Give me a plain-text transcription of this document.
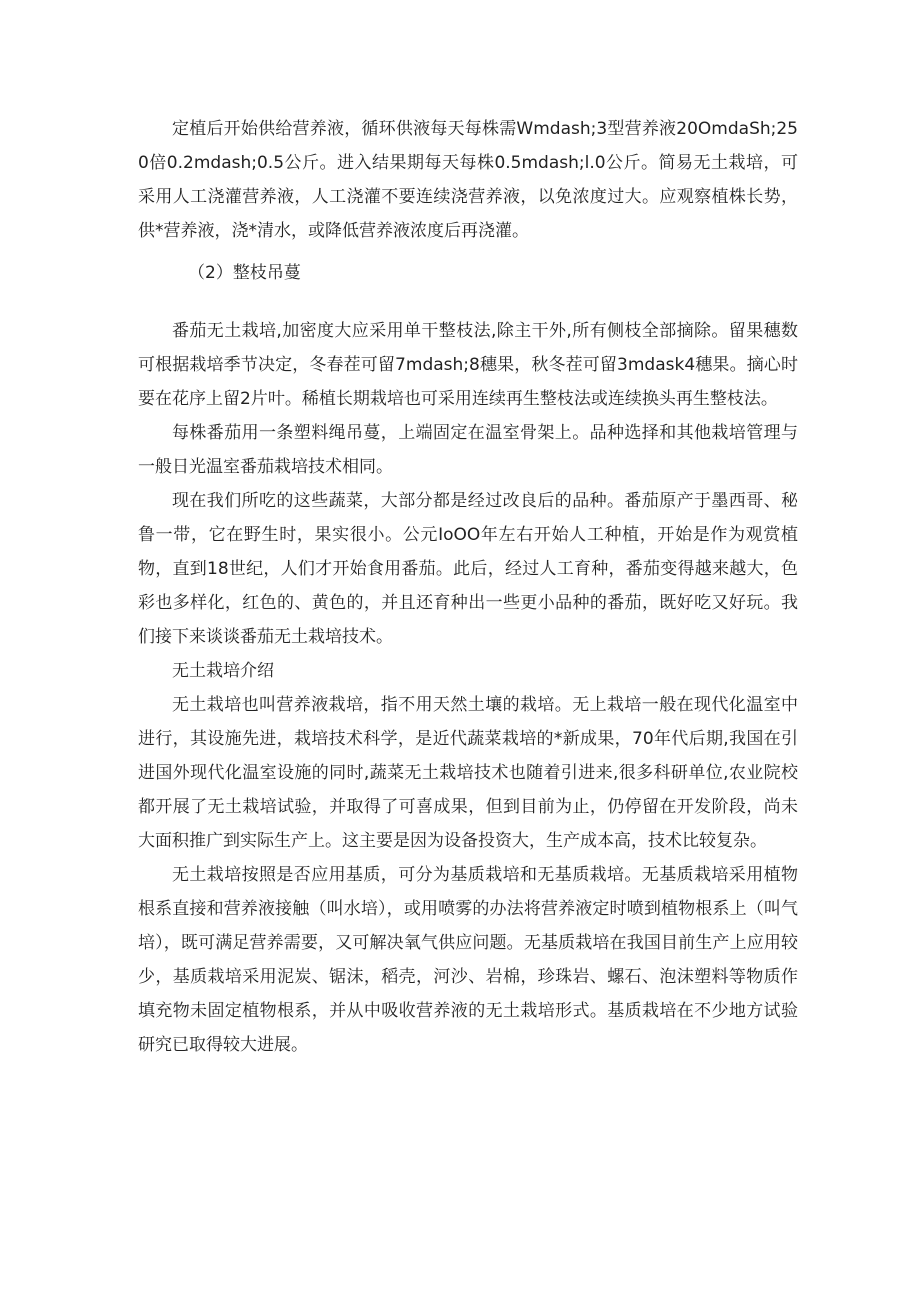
定植后开始供给营养液，循环供液每天每株需Wmdash;3型营养液20OmdaSh;250倍0.2mdash;0.5公斤。进入结果期每天每株0.5mdash;l.0公斤。简易无土栽培，可采用人工浇灌营养液，人工浇灌不要连续浇营养液，以免浓度过大。应观察植株长势，供*营养液，浇*清水，或降低营养液浓度后再浇灌。

（2）整枝吊蔓

番茄无土栽培,加密度大应采用单干整枝法,除主干外,所有侧枝全部摘除。留果穗数可根据栽培季节决定，冬春茬可留7mdash;8穗果，秋冬茬可留3mdask4穗果。摘心时要在花序上留2片叶。稀植长期栽培也可采用连续再生整枝法或连续换头再生整枝法。

每株番茄用一条塑料绳吊蔓，上端固定在温室骨架上。品种选择和其他栽培管理与一般日光温室番茄栽培技术相同。

现在我们所吃的这些蔬菜，大部分都是经过改良后的品种。番茄原产于墨西哥、秘鲁一带，它在野生时，果实很小。公元IoOO年左右开始人工种植，开始是作为观赏植物，直到18世纪，人们才开始食用番茄。此后，经过人工育种，番茄变得越来越大，色彩也多样化，红色的、黄色的，并且还育种出一些更小品种的番茄，既好吃又好玩。我们接下来谈谈番茄无土栽培技术。

无土栽培介绍

无土栽培也叫营养液栽培，指不用天然土壤的栽培。无上栽培一般在现代化温室中进行，其设施先进，栽培技术科学，是近代蔬菜栽培的*新成果，70年代后期,我国在引进国外现代化温室设施的同时,蔬菜无土栽培技术也随着引进来,很多科研单位,农业院校都开展了无土栽培试验，并取得了可喜成果，但到目前为止，仍停留在开发阶段，尚未大面积推广到实际生产上。这主要是因为设备投资大，生产成本高，技术比较复杂。

无土栽培按照是否应用基质，可分为基质栽培和无基质栽培。无基质栽培采用植物根系直接和营养液接触（叫水培），或用喷雾的办法将营养液定时喷到植物根系上（叫气培），既可满足营养需要，又可解决氧气供应问题。无基质栽培在我国目前生产上应用较少，基质栽培采用泥炭、锯沫，稻壳，河沙、岩棉，珍珠岩、螺石、泡沫塑料等物质作填充物未固定植物根系，并从中吸收营养液的无土栽培形式。基质栽培在不少地方试验研究已取得较大进展。
